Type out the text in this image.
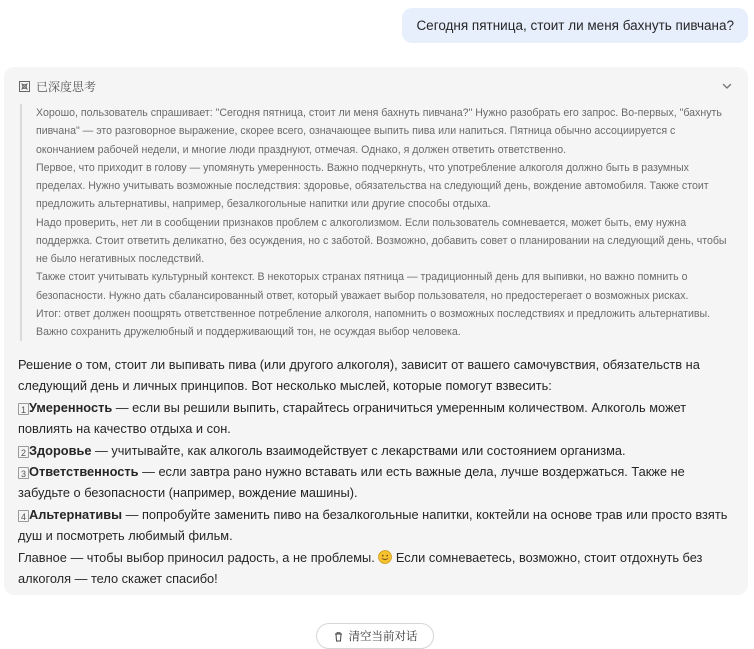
Сегодня пятница, стоит ли меня бахнуть пивчана?
已深度思考

Хорошо, пользователь спрашивает: "Сегодня пятница, стоит ли меня бахнуть пивчана?" Нужно разобрать его запрос. Во-первых, "бахнуть пивчана" — это разговорное выражение, скорее всего, означающее выпить пива или напиться. Пятница обычно ассоциируется с окончанием рабочей недели, и многие люди празднуют, отмечая. Однако, я должен ответить ответственно.

Первое, что приходит в голову — упомянуть умеренность. Важно подчеркнуть, что употребление алкоголя должно быть в разумных пределах. Нужно учитывать возможные последствия: здоровье, обязательства на следующий день, вождение автомобиля. Также стоит предложить альтернативы, например, безалкогольные напитки или другие способы отдыха.

Надо проверить, нет ли в сообщении признаков проблем с алкоголизмом. Если пользователь сомневается, может быть, ему нужна поддержка. Стоит ответить деликатно, без осуждения, но с заботой. Возможно, добавить совет о планировании на следующий день, чтобы не было негативных последствий.

Также стоит учитывать культурный контекст. В некоторых странах пятница — традиционный день для выпивки, но важно помнить о безопасности. Нужно дать сбалансированный ответ, который уважает выбор пользователя, но предостерегает о возможных рисках.

Итог: ответ должен поощрять ответственное потребление алкоголя, напомнить о возможных последствиях и предложить альтернативы. Важно сохранить дружелюбный и поддерживающий тон, не осуждая выбор человека.

Решение о том, стоит ли выпивать пива (или другого алкоголя), зависит от вашего самочувствия, обязательств на следующий день и личных принципов. Вот несколько мыслей, которые помогут взвесить:

1 Умеренность — если вы решили выпить, старайтесь ограничиться умеренным количеством. Алкоголь может повлиять на качество отдыха и сон.

2 Здоровье — учитывайте, как алкоголь взаимодействует с лекарствами или состоянием организма.

3 Ответственность — если завтра рано нужно вставать или есть важные дела, лучше воздержаться. Также не забудьте о безопасности (например, вождение машины).

4 Альтернативы — попробуйте заменить пиво на безалкогольные напитки, коктейли на основе трав или просто взять душ и посмотреть любимый фильм.

Главное — чтобы выбор приносил радость, а не проблемы.  Если сомневаетесь, возможно, стоит отдохнуть без алкоголя — тело скажет спасибо!

清空当前对话
